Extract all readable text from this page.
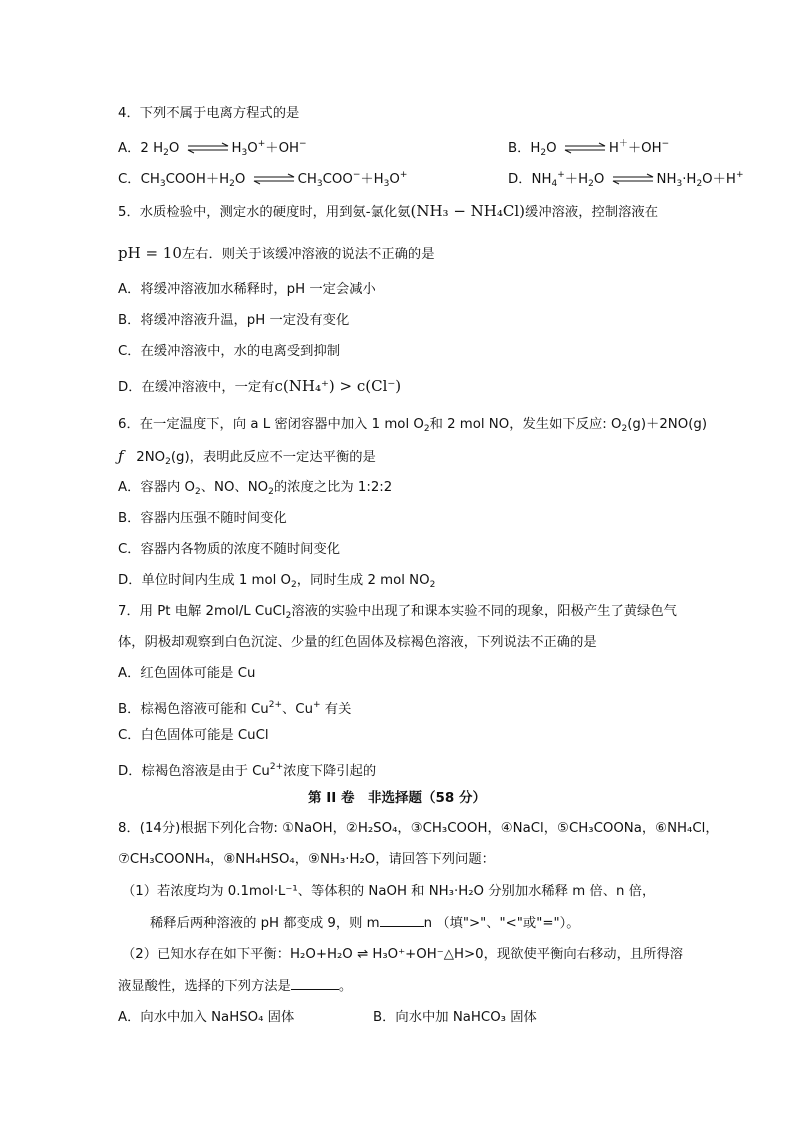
4．下列不属于电离方程式的是
A．2 $H_2O$ ⇌ $H_3O^++OH^-$	B．$H_2O$ ⇌ H＋＋OH−
C．$CH_3COOH+H_2O$ ⇌ $CH_3COO^-+H_3O^+$	D．$NH_4^++H_2O$ ⇌ $NH_3\cdot H_2O+H^+$
5．水质检验中，测定水的硬度时，用到氨-氯化氨(NH₃ − NH₄Cl)缓冲溶液，控制溶液在
pH = 10左右．则关于该缓冲溶液的说法不正确的是
A．将缓冲溶液加水稀释时，pH 一定会减小
B．将缓冲溶液升温，pH 一定没有变化
C．在缓冲溶液中，水的电离受到抑制
D．在缓冲溶液中，一定有c(NH₄⁺) > c(Cl⁻)
6．在一定温度下，向 a L 密闭容器中加入 1 mol $O_2$和 2 mol NO，发生如下反应: $O_2(g)+2NO(g)$
ƒ $2NO_2(g)$，表明此反应不一定达平衡的是
A．容器内 $O_2$、NO、$NO_2$的浓度之比为 1:2:2
B．容器内压强不随时间变化
C．容器内各物质的浓度不随时间变化
D．单位时间内生成 1 mol $O_2$，同时生成 2 mol $NO_2$
7．用 Pt 电解 2mol/L CuCl$_2$溶液的实验中出现了和课本实验不同的现象，阳极产生了黄绿色气
体，阴极却观察到白色沉淀、少量的红色固体及棕褐色溶液，下列说法不正确的是
A．红色固体可能是 Cu
B．棕褐色溶液可能和 $Cu^{2+}$、Cu+ 有关
C．白色固体可能是 CuCl
D．棕褐色溶液是由于 $Cu^{2+}$浓度下降引起的
第 II 卷　非选择题（58 分）
8．(14分)根据下列化合物: ①NaOH，②H₂SO₄，③CH₃COOH，④NaCl，⑤CH₃COONa，⑥NH₄Cl，
⑦CH₃COONH₄，⑧NH₄HSO₄，⑨NH₃·H₂O，请回答下列问题：
（1）若浓度均为 0.1mol·L⁻¹、等体积的 NaOH 和 NH₃·H₂O 分别加水稀释 m 倍、n 倍，
稀释后两种溶液的 pH 都变成 9，则 m	n （填">"、"<"或"="）。
（2）已知水存在如下平衡：H₂O+H₂O ⇌ H₃O⁺+OH⁻△H>0，现欲使平衡向右移动，且所得溶
液显酸性，选择的下列方法是	。
A．向水中加入 NaHSO₄ 固体	B．向水中加 NaHCO₃ 固体
